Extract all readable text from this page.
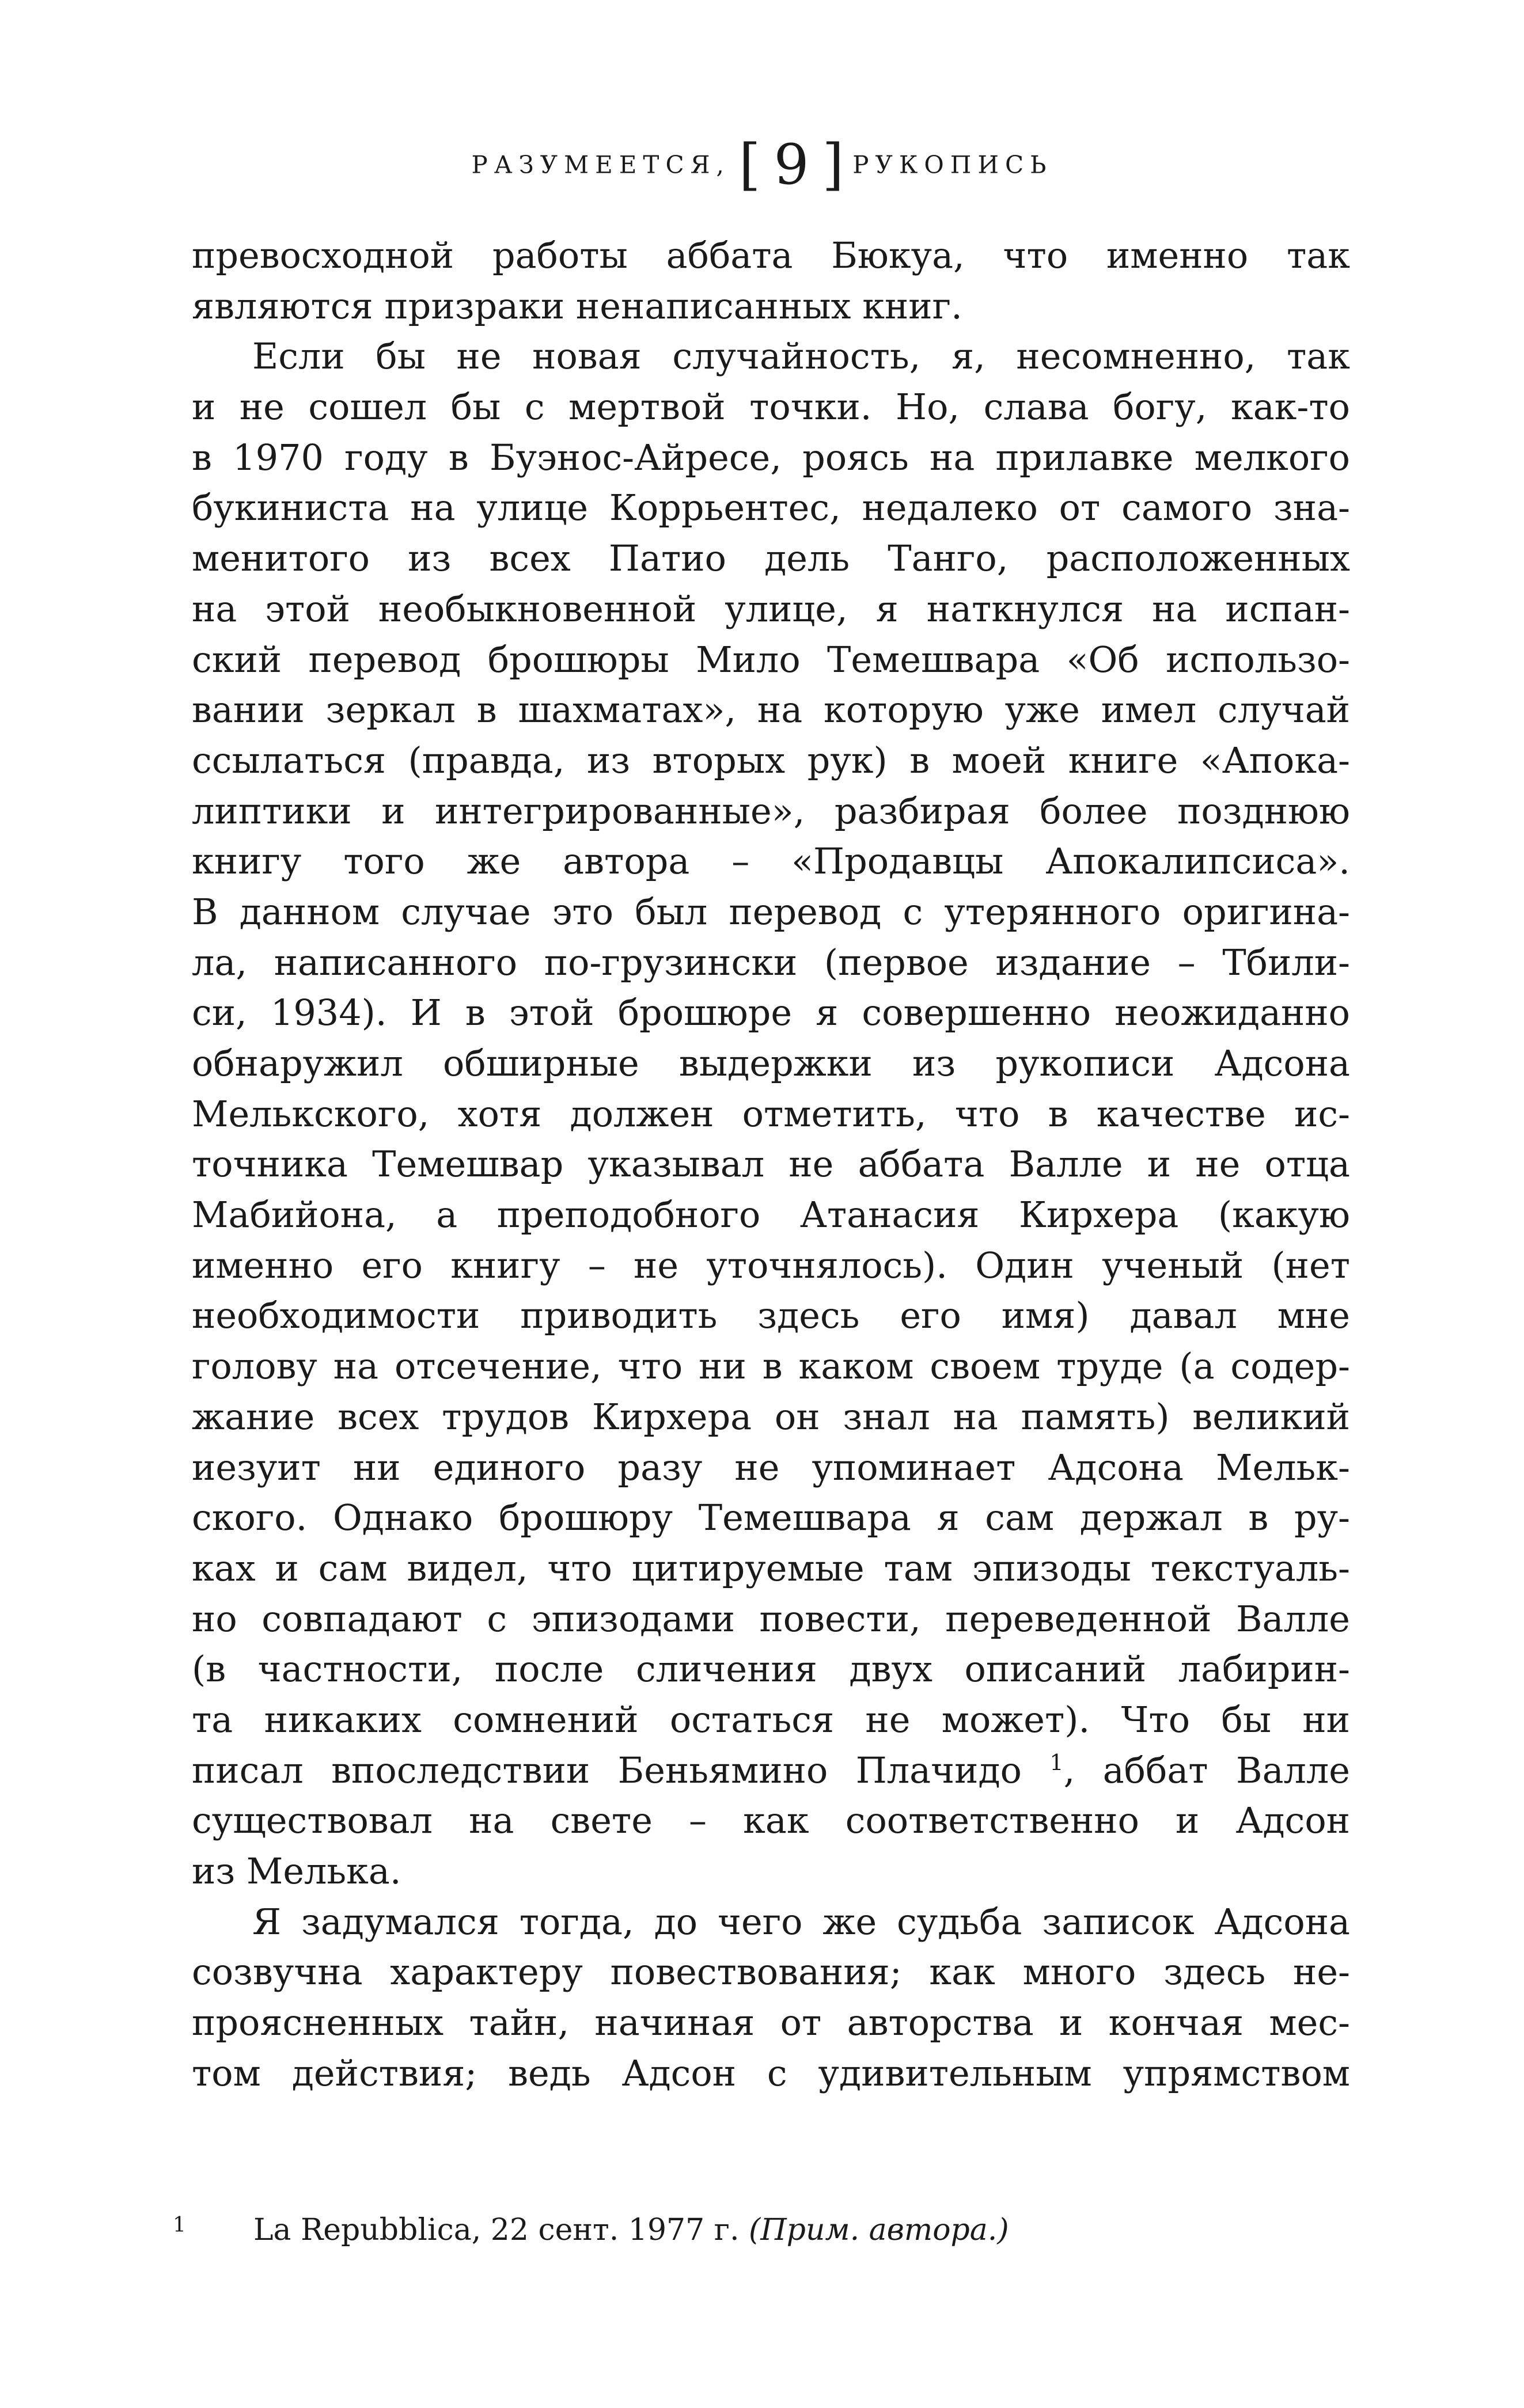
РАЗУМЕЕТСЯ, [ 9 ] РУКОПИСЬ
превосходной работы аббата Бюкуа, что именно так
являются призраки ненаписанных книг.
Если бы не новая случайность, я, несомненно, так
и не сошел бы с мертвой точки. Но, слава богу, как-то
в 1970 году в Буэнос-Айресе, роясь на прилавке мелкого
букиниста на улице Коррьентес, недалеко от самого зна-
менитого из всех Патио дель Танго, расположенных
на этой необыкновенной улице, я наткнулся на испан-
ский перевод брошюры Мило Темешвара «Об использо-
вании зеркал в шахматах», на которую уже имел случай
ссылаться (правда, из вторых рук) в моей книге «Апока-
липтики и интегрированные», разбирая более позднюю
книгу того же автора – «Продавцы Апокалипсиса».
В данном случае это был перевод с утерянного оригина-
ла, написанного по-грузински (первое издание – Тбили-
си, 1934). И в этой брошюре я совершенно неожиданно
обнаружил обширные выдержки из рукописи Адсона
Мелькского, хотя должен отметить, что в качестве ис-
точника Темешвар указывал не аббата Валле и не отца
Мабийона, а преподобного Атанасия Кирхера (какую
именно его книгу – не уточнялось). Один ученый (нет
необходимости приводить здесь его имя) давал мне
голову на отсечение, что ни в каком своем труде (а содер-
жание всех трудов Кирхера он знал на память) великий
иезуит ни единого разу не упоминает Адсона Мельк-
ского. Однако брошюру Темешвара я сам держал в ру-
ках и сам видел, что цитируемые там эпизоды текстуаль-
но совпадают с эпизодами повести, переведенной Валле
(в частности, после сличения двух описаний лабирин-
та никаких сомнений остаться не может). Что бы ни
писал впоследствии Беньямино Плачидо $^1$, аббат Валле
существовал на свете – как соответственно и Адсон
из Мелька.
Я задумался тогда, до чего же судьба записок Адсона
созвучна характеру повествования; как много здесь не-
проясненных тайн, начиная от авторства и кончая мес-
том действия; ведь Адсон с удивительным упрямством
1 La Repubblica, 22 сент. 1977 г. (Прим. автора.)
